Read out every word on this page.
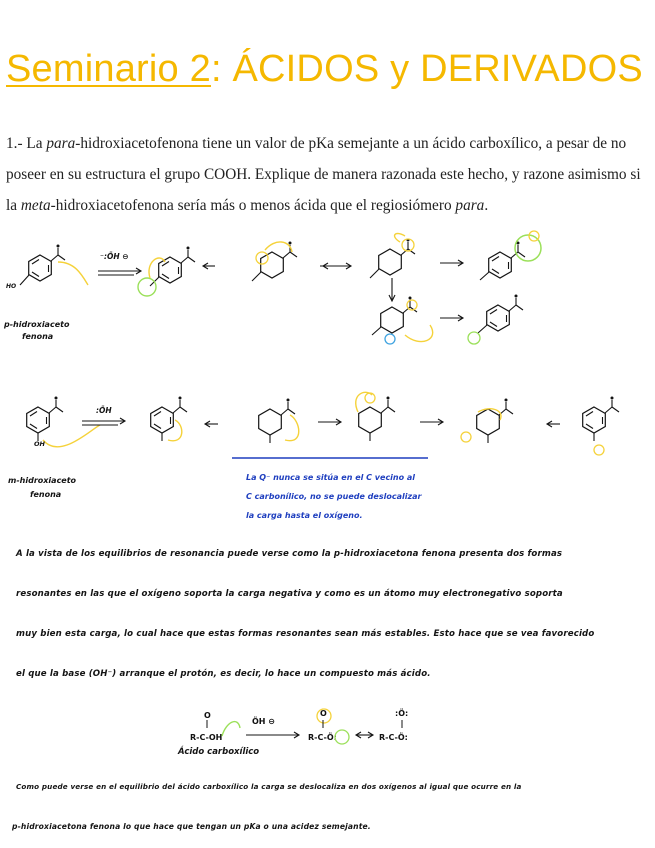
Seminario 2: ÁCIDOS y DERIVADOS
1.- La para-hidroxiacetofenona tiene un valor de pKa semejante a un ácido carboxílico, a pesar de no poseer en su estructura el grupo COOH. Explique de manera razonada este hecho, y razone asimismo si la meta-hidroxiacetofenona sería más o menos ácida que el regiosiómero para.
O
R-C-OH
ÖH ⊖
Ö
R-C-Ö:
:Ö:
R-C-Ö:
HO
⁻:ÖH ⊖
p-hidroxiaceto
fenona
OH
:ÖH
m-hidroxiaceto
fenona
La Q⁻ nunca se sitúa en el C vecino al
C carbonílico, no se puede deslocalizar
la carga hasta el oxígeno.
A la vista de los equilibrios de resonancia puede verse como la p-hidroxiacetona fenona presenta dos formas
resonantes en las que el oxígeno soporta la carga negativa y como es un átomo muy electronegativo soporta
muy bien esta carga, lo cual hace que estas formas resonantes sean más estables. Esto hace que se vea favorecido
el que la base (OH⁻) arranque el protón, es decir, lo hace un compuesto más ácido.
Ácido carboxílico
Como puede verse en el equilibrio del ácido carboxílico la carga se deslocaliza en dos oxígenos al igual que ocurre en la
p-hidroxiacetona fenona lo que hace que tengan un pKa o una acidez semejante.
